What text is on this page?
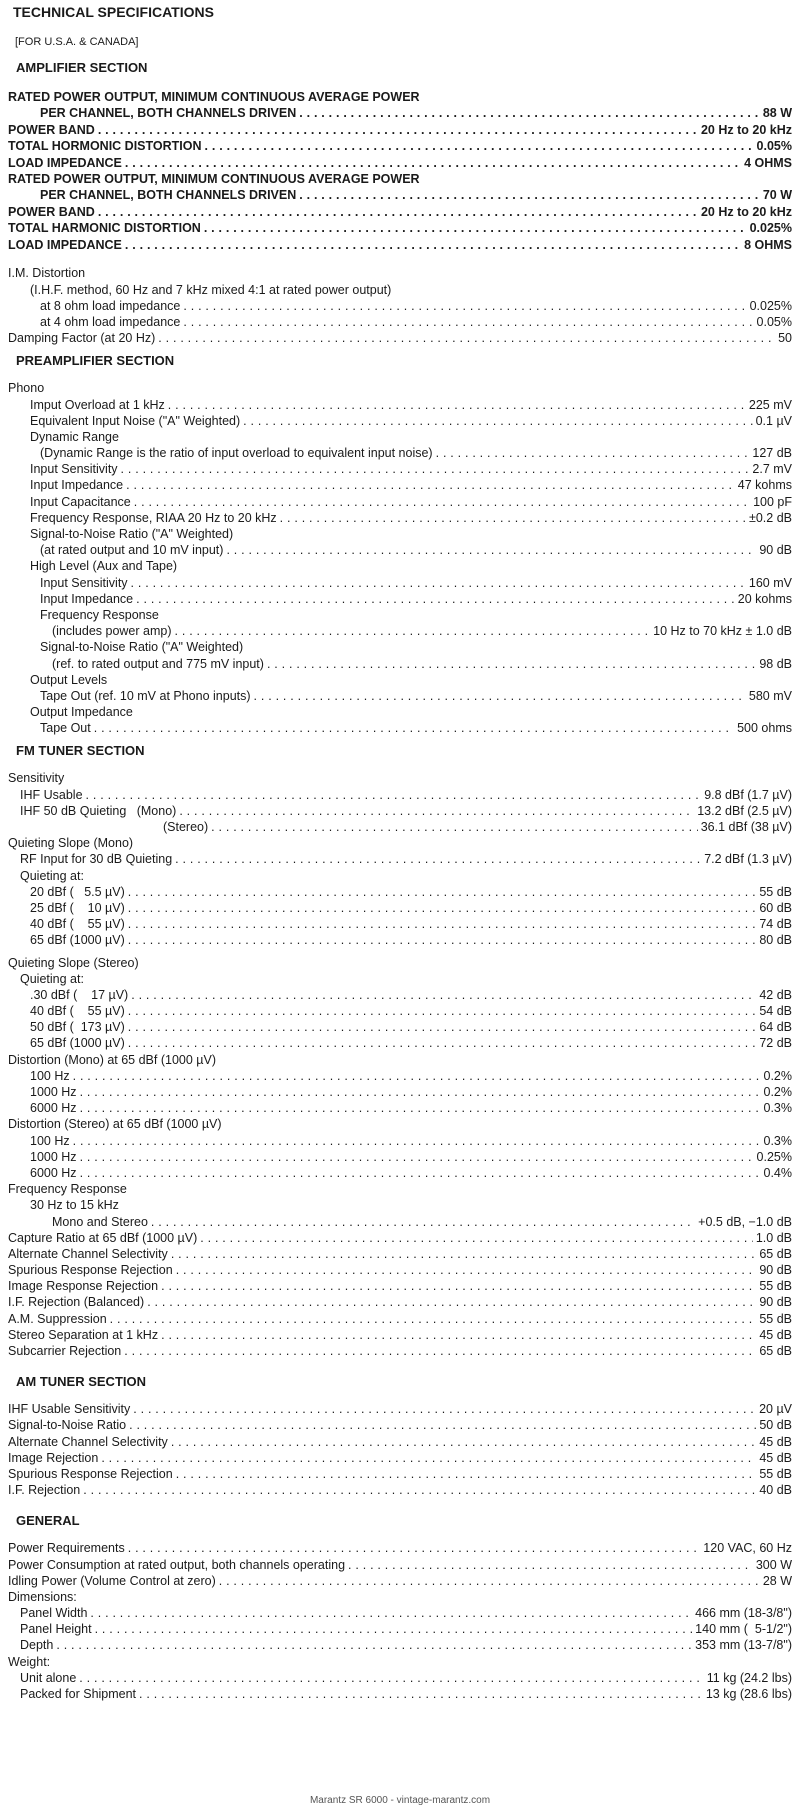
TECHNICAL SPECIFICATIONS
[FOR U.S.A. & CANADA]
AMPLIFIER SECTION
RATED POWER OUTPUT, MINIMUM CONTINUOUS AVERAGE POWER
PER CHANNEL, BOTH CHANNELS DRIVEN . . .	88 W
POWER BAND . . .	20 Hz to 20 kHz
TOTAL HORMONIC DISTORTION . . .	0.05%
LOAD IMPEDANCE . . .	4 OHMS
RATED POWER OUTPUT, MINIMUM CONTINUOUS AVERAGE POWER
PER CHANNEL, BOTH CHANNELS DRIVEN . . .	70 W
POWER BAND . . .	20 Hz to 20 kHz
TOTAL HARMONIC DISTORTION . . .	0.025%
LOAD IMPEDANCE . . .	8 OHMS
I.M. Distortion
(I.H.F. method, 60 Hz and 7 kHz mixed 4:1 at rated power output)
at 8 ohm load impedance . . .	0.025%
at 4 ohm load impedance . . .	0.05%
Damping Factor (at 20 Hz) . . .	50
PREAMPLIFIER SECTION
Phono
Imput Overload at 1 kHz . . .	225 mV
Equivalent Input Noise ("A" Weighted) . . .	0.1 µV
Dynamic Range
(Dynamic Range is the ratio of input overload to equivalent input noise) . . .	127 dB
Input Sensitivity . . .	2.7 mV
Input Impedance . . .	47 kohms
Input Capacitance . . .	100 pF
Frequency Response, RIAA 20 Hz to 20 kHz . . .	±0.2 dB
Signal-to-Noise Ratio ("A" Weighted)
(at rated output and 10 mV input) . . .	90 dB
High Level (Aux and Tape)
Input Sensitivity . . .	160 mV
Input Impedance . . .	20 kohms
Frequency Response
(includes power amp) . . .	10 Hz to 70 kHz ± 1.0 dB
Signal-to-Noise Ratio ("A" Weighted)
(ref. to rated output and 775 mV input) . . .	98 dB
Output Levels
Tape Out (ref. 10 mV at Phono inputs) . . .	580 mV
Output Impedance
Tape Out . . .	500 ohms
FM TUNER SECTION
Sensitivity
IHF Usable . . .	9.8 dBf (1.7 µV)
IHF 50 dB Quieting (Mono) . . .	13.2 dBf (2.5 µV)
(Stereo) . . .	36.1 dBf (38 µV)
Quieting Slope (Mono)
RF Input for 30 dB Quieting . . .	7.2 dBf (1.3 µV)
Quieting at:
20 dBf (   5.5 µV) . . .	55 dB
25 dBf (    10 µV) . . .	60 dB
40 dBf (    55 µV) . . .	74 dB
65 dBf (1000 µV) . . .	80 dB
Quieting Slope (Stereo)
Quieting at:
.30 dBf (    17 µV) . . .	42 dB
40 dBf (    55 µV) . . .	54 dB
50 dBf (  173 µV) . . .	64 dB
65 dBf (1000 µV) . . .	72 dB
Distortion (Mono) at 65 dBf (1000 µV)
100 Hz . . .	0.2%
1000 Hz . . .	0.2%
6000 Hz . . .	0.3%
Distortion (Stereo) at 65 dBf (1000 µV)
100 Hz . . .	0.3%
1000 Hz . . .	0.25%
6000 Hz . . .	0.4%
Frequency Response
30 Hz to 15 kHz
Mono and Stereo . . .	+0.5 dB, −1.0 dB
Capture Ratio at 65 dBf (1000 µV) . . .	1.0 dB
Alternate Channel Selectivity . . .	65 dB
Spurious Response Rejection . . .	90 dB
Image Response Rejection . . .	55 dB
I.F. Rejection (Balanced) . . .	90 dB
A.M. Suppression . . .	55 dB
Stereo Separation at 1 kHz . . .	45 dB
Subcarrier Rejection . . .	65 dB
AM TUNER SECTION
IHF Usable Sensitivity . . .	20 µV
Signal-to-Noise Ratio . . .	50 dB
Alternate Channel Selectivity . . .	45 dB
Image Rejection . . .	45 dB
Spurious Response Rejection . . .	55 dB
I.F. Rejection . . .	40 dB
GENERAL
Power Requirements . . .	120 VAC, 60 Hz
Power Consumption at rated output, both channels operating . . .	300 W
Idling Power (Volume Control at zero) . . .	28 W
Dimensions:
Panel Width . . .	466 mm (18-3/8")
Panel Height . . .	140 mm (  5-1/2")
Depth . . .	353 mm (13-7/8")
Weight:
Unit alone . . .	11 kg (24.2 lbs)
Packed for Shipment . . .	13 kg (28.6 lbs)
Marantz SR 6000 - vintage-marantz.com
